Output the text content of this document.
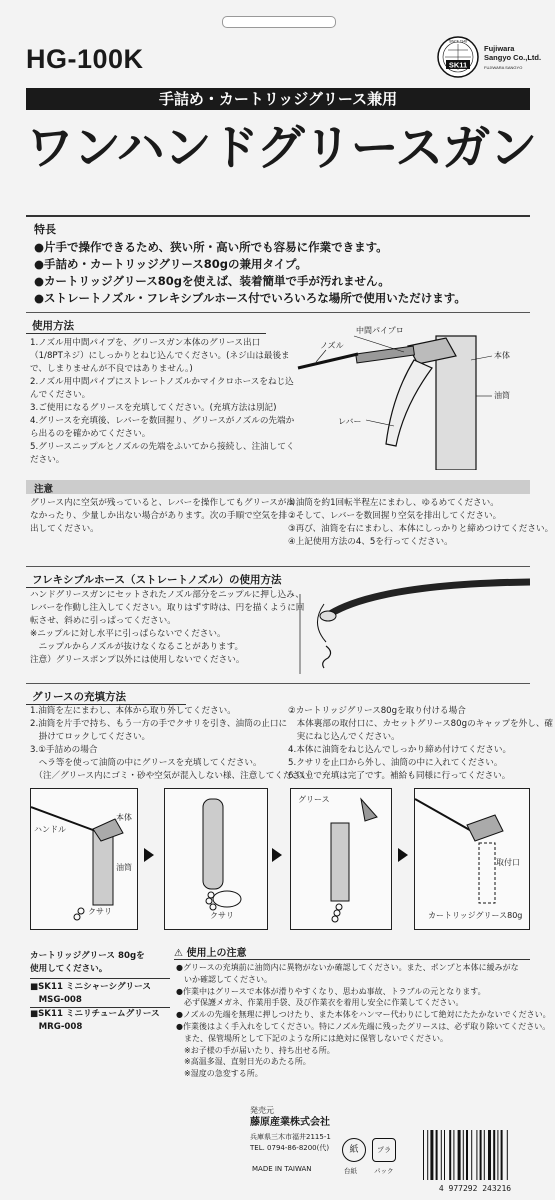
HG-100K	SK11
SINCE 1948
Fujiwara
Sangyo Co.,Ltd.
FUJIWARA SANGYO
手詰め・カートリッジグリース兼用
ワンハンドグリースガン
特長
●片手で操作できるため、狭い所・高い所でも容易に作業できます。
●手詰め・カートリッジグリース80gの兼用タイプ。
●カートリッジグリース80gを使えば、装着簡単で手が汚れません。
●ストレートノズル・フレキシブルホース付でいろいろな場所で使用いただけます。
使用方法
1.ノズル用中間パイプを、グリースガン本体のグリース出口
（1/8PTネジ）にしっかりとねじ込んでください。(ネジ山は最後ま
で、しまりませんが不良ではありません。)
2.ノズル用中間パイプにストレートノズルかマイクロホースをねじ込
んでください。
3.ご使用になるグリースを充填してください。(充填方法は別記)
4.グリースを充填後、レバーを数回握り、グリースがノズルの先端か
ら出るのを確かめてください。
5.グリースニップルとノズルの先端をふいてから接続し、注油してく
ださい。
中間パイプロ
ノズル
本体
油筒
レバー
注意
グリース内に空気が残っていると、レバーを操作してもグリースが出
なかったり、少量しか出ない場合があります。次の手順で空気を排
出してください。
①油筒を約1回転半程左にまわし、ゆるめてください。
②そして、レバーを数回握り空気を排出してください。
③再び、油筒を右にまわし、本体にしっかりと締めつけてください。
④上記使用方法の4、5を行ってください。
フレキシブルホース（ストレートノズル）の使用方法
ハンドグリースガンにセットされたノズル部分をニップルに押し込み、
レバーを作動し注入してください。取りはずす時は、円を描くように回
転させ、斜めに引っぱってください。
※ニップルに対し水平に引っぱらないでください。
　ニップルからノズルが抜けなくなることがあります。
注意）グリースポンプ以外には使用しないでください。
グリースの充填方法
1.油筒を左にまわし、本体から取り外してください。
2.油筒を片手で持ち、もう一方の手でクサリを引き、油筒の止口に
　掛けてロックしてください。
3.①手詰めの場合
　ヘラ等を使って油筒の中にグリースを充填してください。
　（注／グリース内にゴミ・砂や空気が混入しない様、注意してください）
②カートリッジグリース80gを取り付ける場合
　本体裏部の取付口に、カセットグリース80gのキャップを外し、確
　実にねじ込んでください。
4.本体に油筒をねじ込んでしっかり締め付けてください。
5.クサリを止口から外し、油筒の中に入れてください。
6.以上で充填は完了です。補給も同様に行ってください。
ハンドル
本体
油筒
クサリ	クサリ
グリース
取付口
カートリッジグリース80g
カートリッジグリース 80gを
使用してください。
■SK11 ミニシャーシグリース
　MSG-008
■SK11 ミニリチュームグリース
　MRG-008
⚠ 使用上の注意
●グリースの充填前に油筒内に異物がないか確認してください。また、ポンプと本体に緩みがな
　いか確認してください。
●作業中はグリースで本体が滑りやすくなり、思わぬ事故、トラブルの元となります。
　必ず保護メガネ、作業用手袋、及び作業衣を着用し安全に作業してください。
●ノズルの先端を無理に押しつけたり、また本体をハンマー代わりにして絶対にたたかないでください。
●作業後はよく手入れをしてください。特にノズル先端に残ったグリースは、必ず取り除いてください。
　また、保管場所として下記のような所には絶対に保管しないでください。
　※お子様の手が届いたり、持ち出せる所。
　※高温多湿、直射日光のあたる所。
　※湿度の急変する所。
発売元
藤原産業株式会社
兵庫県三木市福井2115-1
TEL. 0794-86-8200(代)
MADE IN TAIWAN
紙
台紙
プラ
パック
4 977292 243216
